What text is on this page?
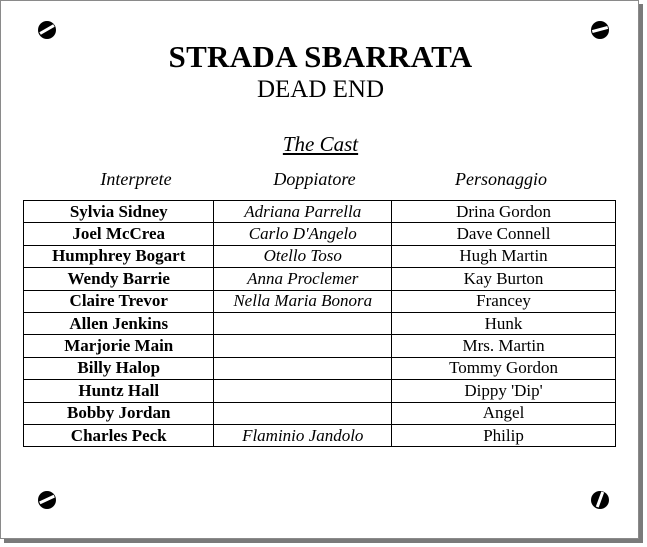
STRADA SBARRATA
DEAD END
The Cast
Interprete	Doppiatore	Personaggio
Sylvia Sidney	Adriana Parrella	Drina Gordon
Joel McCrea	Carlo D'Angelo	Dave Connell
Humphrey Bogart	Otello Toso	Hugh Martin
Wendy Barrie	Anna Proclemer	Kay Burton
Claire Trevor	Nella Maria Bonora	Francey
Allen Jenkins		Hunk
Marjorie Main		Mrs. Martin
Billy Halop		Tommy Gordon
Huntz Hall		Dippy 'Dip'
Bobby Jordan		Angel
Charles Peck	Flaminio Jandolo	Philip
